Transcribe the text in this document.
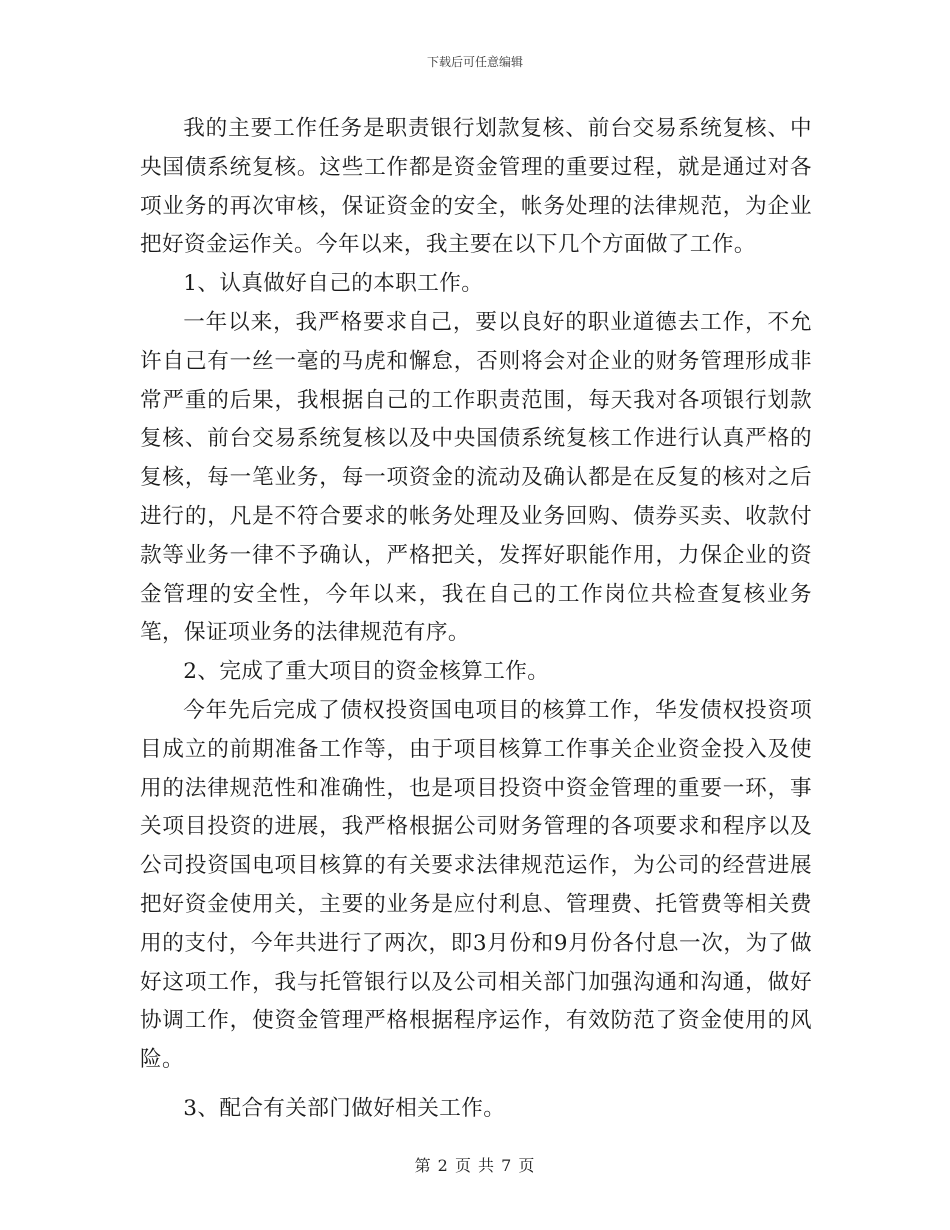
下载后可任意编辑

我的主要工作任务是职责银行划款复核、前台交易系统复核、中央国债系统复核。这些工作都是资金管理的重要过程，就是通过对各项业务的再次审核，保证资金的安全，帐务处理的法律规范，为企业把好资金运作关。今年以来，我主要在以下几个方面做了工作。

1、认真做好自己的本职工作。

一年以来，我严格要求自己，要以良好的职业道德去工作，不允许自己有一丝一毫的马虎和懈怠，否则将会对企业的财务管理形成非常严重的后果，我根据自己的工作职责范围，每天我对各项银行划款复核、前台交易系统复核以及中央国债系统复核工作进行认真严格的复核，每一笔业务，每一项资金的流动及确认都是在反复的核对之后进行的，凡是不符合要求的帐务处理及业务回购、债券买卖、收款付款等业务一律不予确认，严格把关，发挥好职能作用，力保企业的资金管理的安全性，今年以来，我在自己的工作岗位共检查复核业务笔，保证项业务的法律规范有序。

2、完成了重大项目的资金核算工作。

今年先后完成了债权投资国电项目的核算工作，华发债权投资项目成立的前期准备工作等，由于项目核算工作事关企业资金投入及使用的法律规范性和准确性，也是项目投资中资金管理的重要一环，事关项目投资的进展，我严格根据公司财务管理的各项要求和程序以及公司投资国电项目核算的有关要求法律规范运作，为公司的经营进展把好资金使用关，主要的业务是应付利息、管理费、托管费等相关费用的支付，今年共进行了两次，即3月份和9月份各付息一次，为了做好这项工作，我与托管银行以及公司相关部门加强沟通和沟通，做好协调工作，使资金管理严格根据程序运作，有效防范了资金使用的风险。

3、配合有关部门做好相关工作。

第 2 页 共 7 页
